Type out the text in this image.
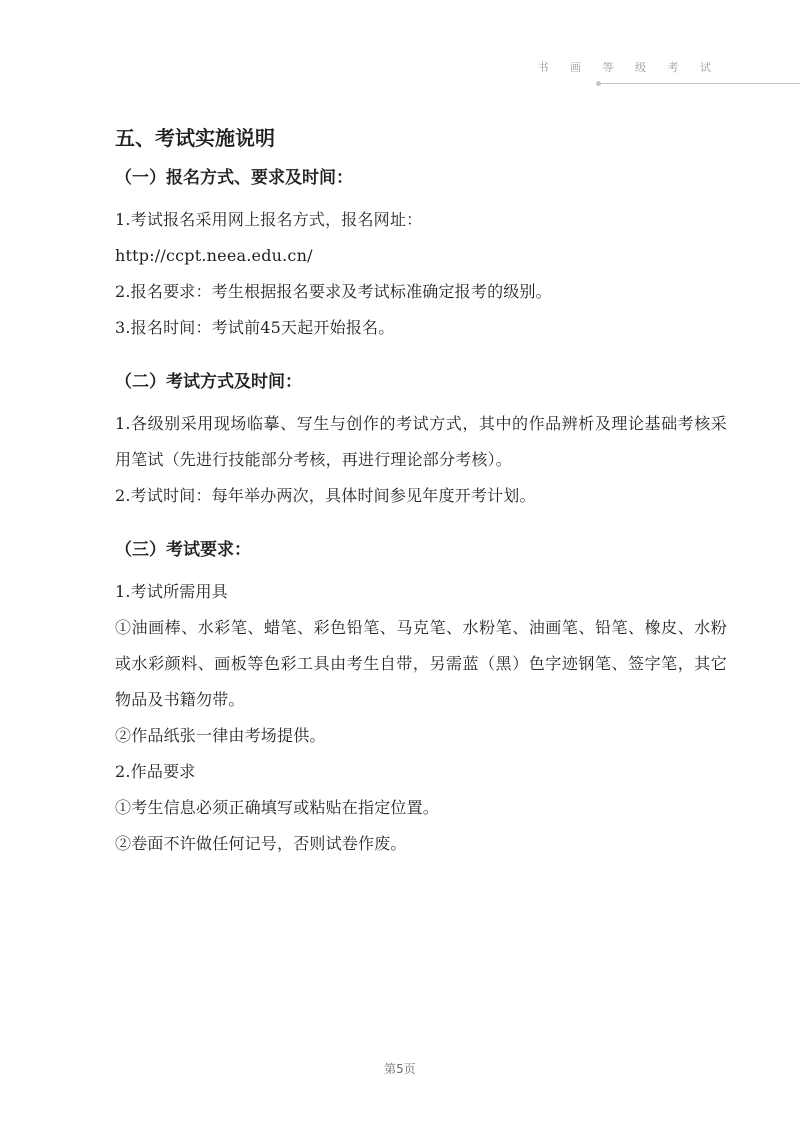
书 画 等 级 考 试
五、考试实施说明
（一）报名方式、要求及时间：

1.考试报名采用网上报名方式，报名网址：

http://ccpt.neea.edu.cn/

2.报名要求：考生根据报名要求及考试标准确定报考的级别。

3.报名时间：考试前45天起开始报名。

（二）考试方式及时间：

1.各级别采用现场临摹、写生与创作的考试方式，其中的作品辨析及理论基础考核采用笔试（先进行技能部分考核，再进行理论部分考核）。

2.考试时间：每年举办两次，具体时间参见年度开考计划。

（三）考试要求：

1.考试所需用具

①油画棒、水彩笔、蜡笔、彩色铅笔、马克笔、水粉笔、油画笔、铅笔、橡皮、水粉或水彩颜料、画板等色彩工具由考生自带，另需蓝（黑）色字迹钢笔、签字笔，其它物品及书籍勿带。

②作品纸张一律由考场提供。

2.作品要求

①考生信息必须正确填写或粘贴在指定位置。

②卷面不许做任何记号，否则试卷作废。

第5页
